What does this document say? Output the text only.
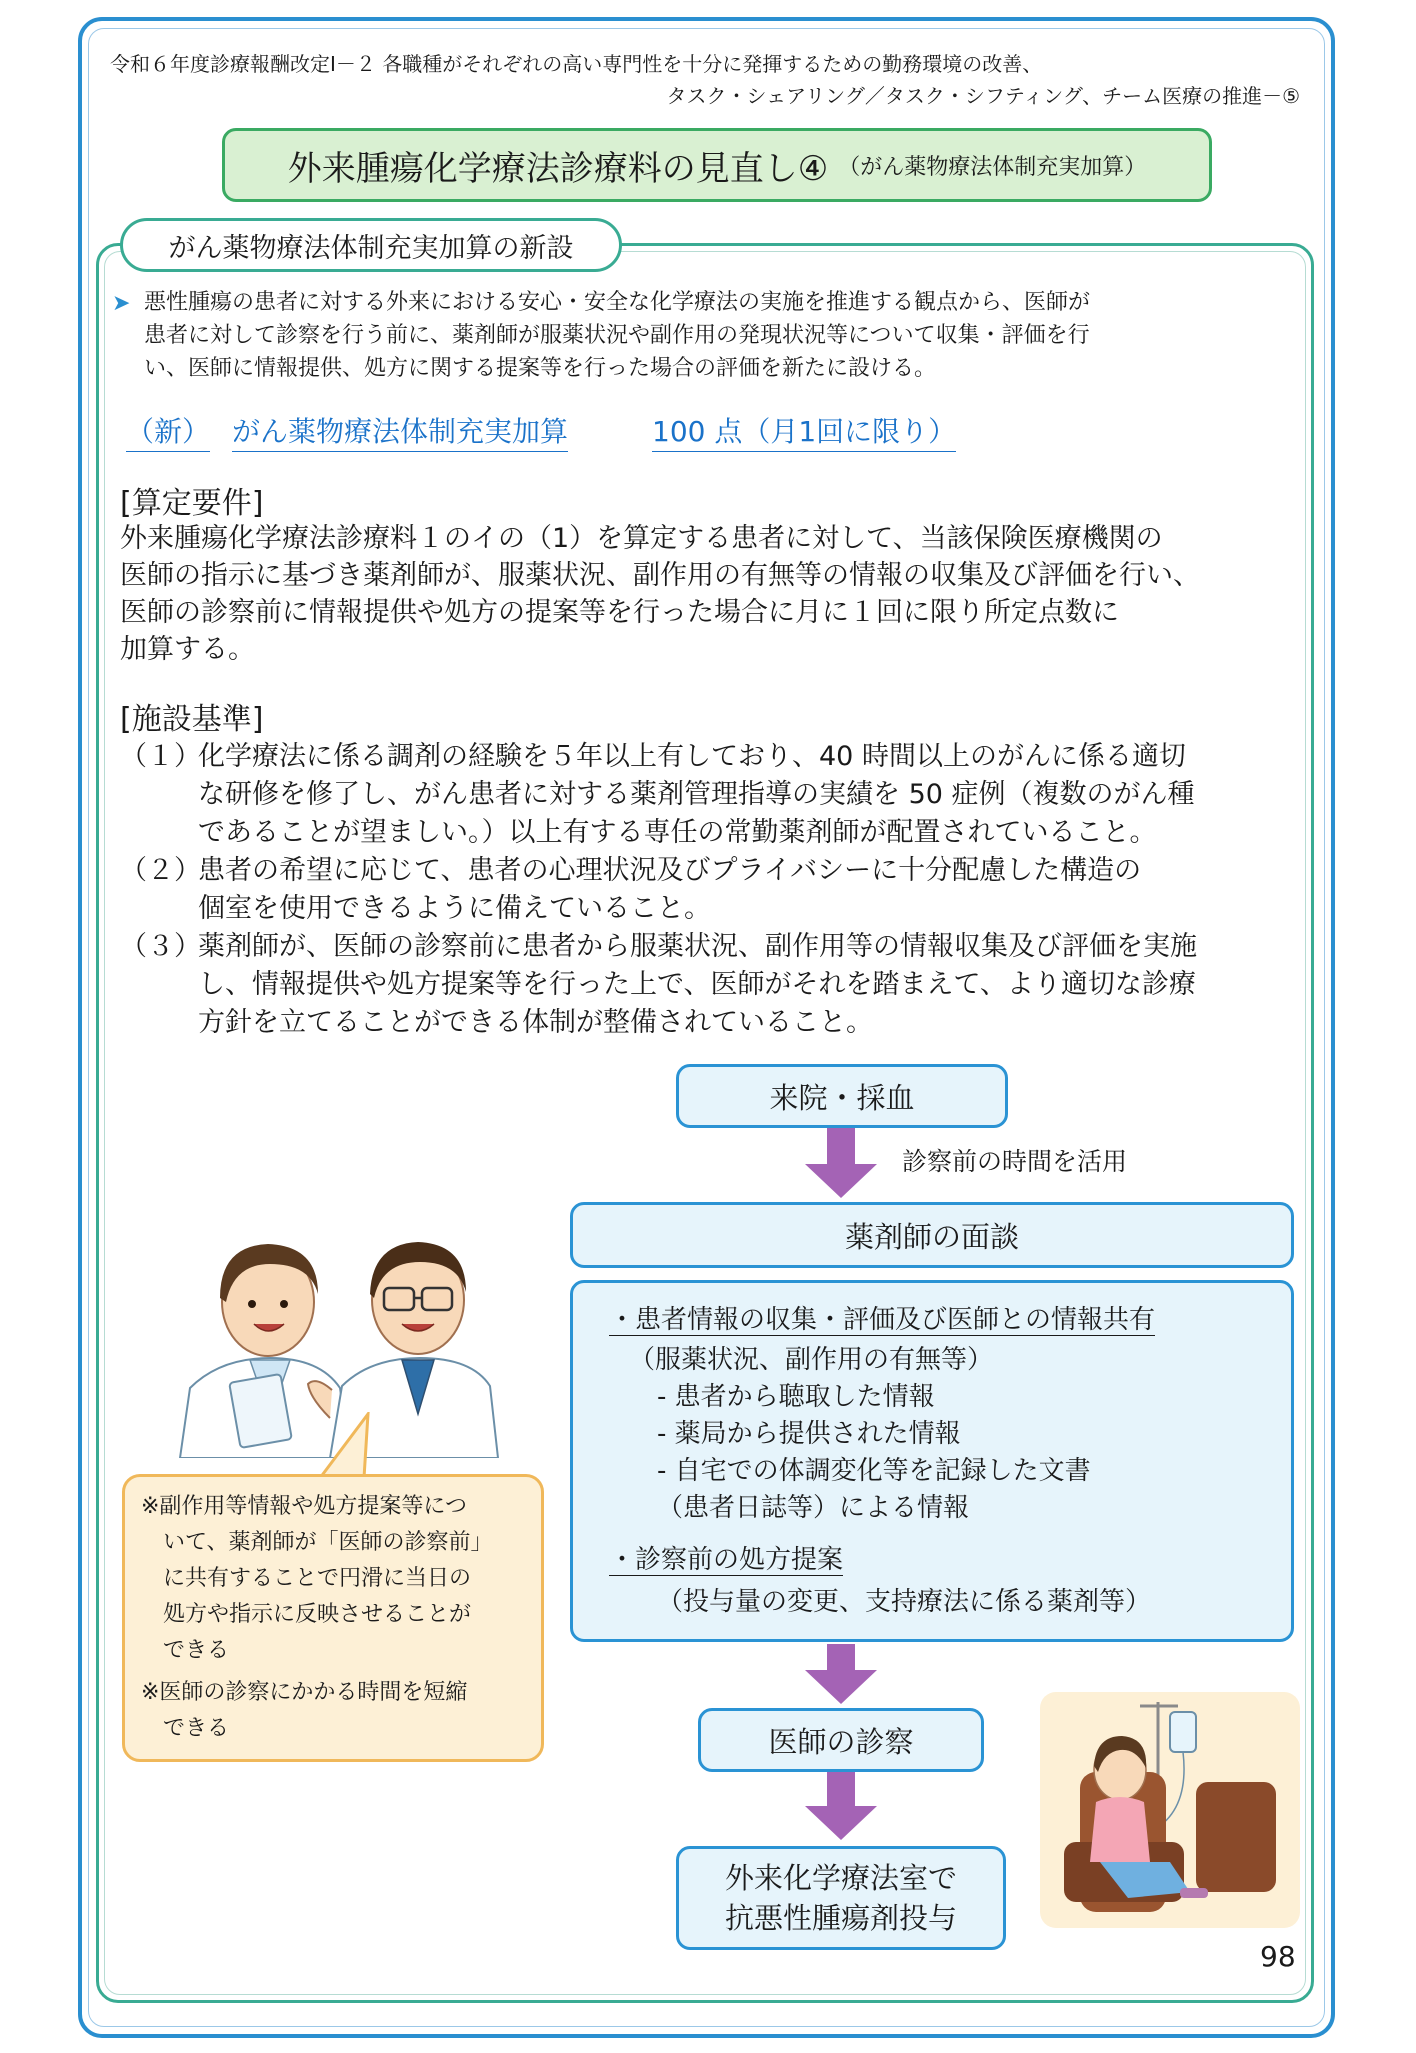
令和６年度診療報酬改定Ⅰ－２ 各職種がそれぞれの高い専門性を十分に発揮するための勤務環境の改善、
タスク・シェアリング／タスク・シフティング、チーム医療の推進－⑤
外来腫瘍化学療法診療料の見直し④ （がん薬物療法体制充実加算）
がん薬物療法体制充実加算の新設
➤ 悪性腫瘍の患者に対する外来における安心・安全な化学療法の実施を推進する観点から、医師が
患者に対して診察を行う前に、薬剤師が服薬状況や副作用の発現状況等について収集・評価を行
い、医師に情報提供、処方に関する提案等を行った場合の評価を新たに設ける。
（新） がん薬物療法体制充実加算	100 点（月1回に限り）
[算定要件]
外来腫瘍化学療法診療料１のイの（1）を算定する患者に対して、当該保険医療機関の
医師の指示に基づき薬剤師が、服薬状況、副作用の有無等の情報の収集及び評価を行い、
医師の診察前に情報提供や処方の提案等を行った場合に月に１回に限り所定点数に
加算する。
[施設基準]
（１）
化学療法に係る調剤の経験を５年以上有しており、40 時間以上のがんに係る適切
な研修を修了し、がん患者に対する薬剤管理指導の実績を 50 症例（複数のがん種
であることが望ましい。）以上有する専任の常勤薬剤師が配置されていること。
（２）
患者の希望に応じて、患者の心理状況及びプライバシーに十分配慮した構造の
個室を使用できるように備えていること。
（３）
薬剤師が、医師の診察前に患者から服薬状況、副作用等の情報収集及び評価を実施
し、情報提供や処方提案等を行った上で、医師がそれを踏まえて、より適切な診療
方針を立てることができる体制が整備されていること。
来院・採血
診察前の時間を活用
薬剤師の面談
・患者情報の収集・評価及び医師との情報共有
（服薬状況、副作用の有無等）
- 患者から聴取した情報
- 薬局から提供された情報
- 自宅での体調変化等を記録した文書
（患者日誌等）による情報
・診察前の処方提案
（投与量の変更、支持療法に係る薬剤等）
医師の診察
外来化学療法室で
抗悪性腫瘍剤投与
※副作用等情報や処方提案等につ
　いて、薬剤師が「医師の診察前」
　に共有することで円滑に当日の
　処方や指示に反映させることが
　できる
※医師の診察にかかる時間を短縮
　できる
98
